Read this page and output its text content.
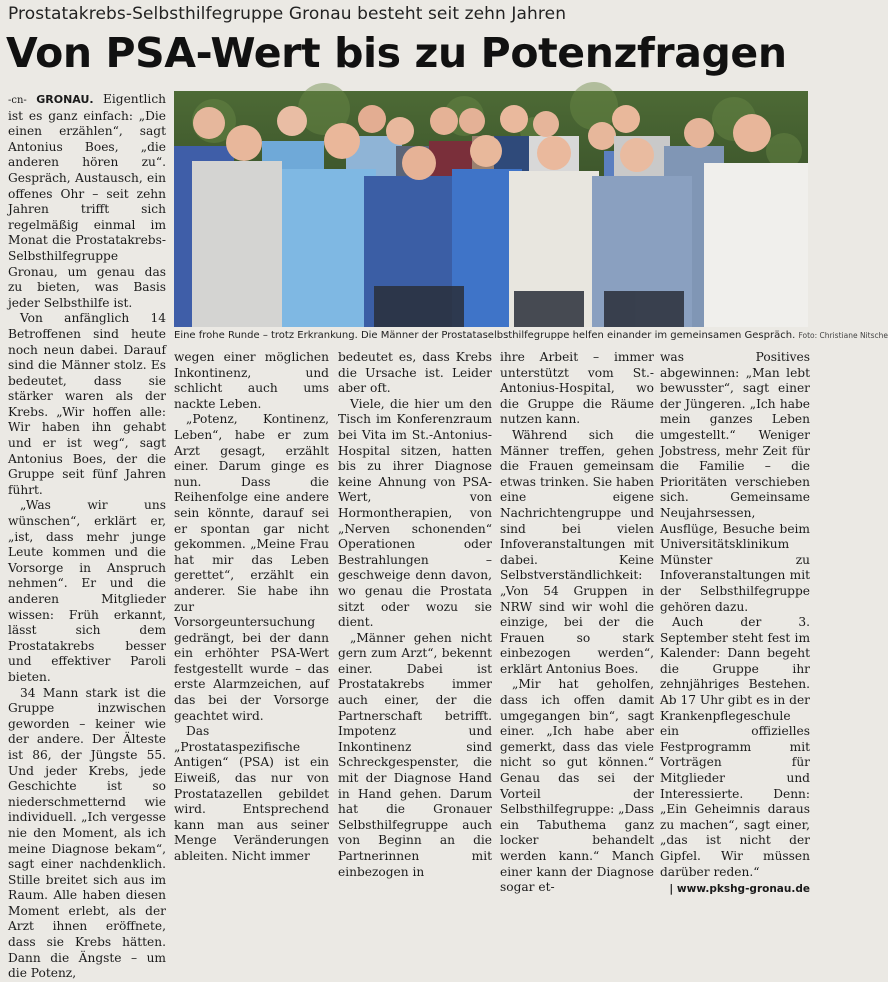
Prostatakrebs-Selbsthilfegruppe Gronau besteht seit zehn Jahren
Von PSA-Wert bis zu Potenzfragen
Eine frohe Runde – trotz Erkrankung. Die Männer der Prostataselbsthilfegruppe helfen einander im gemeinsamen Gespräch. Foto: Christiane Nitsche

-cn- GRONAU. Eigentlich ist es ganz einfach: „Die einen erzählen“, sagt Antonius Boes, „die anderen hören zu“. Gespräch, Austausch, ein offenes Ohr – seit zehn Jahren trifft sich regelmäßig einmal im Monat die Prostatakrebs-Selbsthilfegruppe Gronau, um genau das zu bieten, was Basis jeder Selbsthilfe ist.

Von anfänglich 14 Betroffenen sind heute noch neun dabei. Darauf sind die Männer stolz. Es bedeutet, dass sie stärker waren als der Krebs. „Wir hoffen alle: Wir haben ihn gehabt und er ist weg“, sagt Antonius Boes, der die Gruppe seit fünf Jahren führt.

„Was wir uns wünschen“, erklärt er, „ist, dass mehr junge Leute kommen und die Vorsorge in Anspruch nehmen“. Er und die anderen Mitglieder wissen: Früh erkannt, lässt sich dem Prostatakrebs besser und effektiver Paroli bieten.

34 Mann stark ist die Gruppe inzwischen geworden – keiner wie der andere. Der Älteste ist 86, der Jüngste 55. Und jeder Krebs, jede Geschichte ist so niederschmetternd wie individuell. „Ich vergesse nie den Moment, als ich meine Diagnose bekam“, sagt einer nachdenklich. Stille breitet sich aus im Raum. Alle haben diesen Moment erlebt, als der Arzt ihnen eröffnete, dass sie Krebs hätten. Dann die Ängste – um die Potenz,

wegen einer möglichen Inkontinenz, und schlicht auch ums nackte Leben.

„Potenz, Kontinenz, Leben“, habe er zum Arzt gesagt, erzählt einer. Darum ginge es nun. Dass die Reihenfolge eine andere sein könnte, darauf sei er spontan gar nicht gekommen. „Meine Frau hat mir das Leben gerettet“, erzählt ein anderer. Sie habe ihn zur Vorsorgeuntersuchung gedrängt, bei der dann ein erhöhter PSA-Wert festgestellt wurde – das erste Alarmzeichen, auf das bei der Vorsorge geachtet wird.

Das „Prostataspezifische Antigen“ (PSA) ist ein Eiweiß, das nur von Prostatazellen gebildet wird. Entsprechend kann man aus seiner Menge Veränderungen ableiten. Nicht immer

bedeutet es, dass Krebs die Ursache ist. Leider aber oft.

Viele, die hier um den Tisch im Konferenzraum bei Vita im St.-Antonius-Hospital sitzen, hatten bis zu ihrer Diagnose keine Ahnung von PSA-Wert, von Hormontherapien, von „Nerven schonenden“ Operationen oder Bestrahlungen – geschweige denn davon, wo genau die Prostata sitzt oder wozu sie dient.

„Männer gehen nicht gern zum Arzt“, bekennt einer. Dabei ist Prostatakrebs immer auch einer, der die Partnerschaft betrifft. Impotenz und Inkontinenz sind Schreckgespenster, die mit der Diagnose Hand in Hand gehen. Darum hat die Gronauer Selbsthilfegruppe auch von Beginn an die Partnerinnen mit einbezogen in

ihre Arbeit – immer unterstützt vom St.-Antonius-Hospital, wo die Gruppe die Räume nutzen kann.

Während sich die Männer treffen, gehen die Frauen gemeinsam etwas trinken. Sie haben eine eigene Nachrichtengruppe und sind bei vielen Infoveranstaltungen mit dabei. Keine Selbstverständlichkeit: „Von 54 Gruppen in NRW sind wir wohl die einzige, bei der die Frauen so stark einbezogen werden“, erklärt Antonius Boes.

„Mir hat geholfen, dass ich offen damit umgegangen bin“, sagt einer. „Ich habe aber gemerkt, dass das viele nicht so gut können.“ Genau das sei der Vorteil der Selbsthilfegruppe: „Dass ein Tabuthema ganz locker behandelt werden kann.“ Manch einer kann der Diagnose sogar et-

was Positives abgewinnen: „Man lebt bewusster“, sagt einer der Jüngeren. „Ich habe mein ganzes Leben umgestellt.“ Weniger Jobstress, mehr Zeit für die Familie – die Prioritäten verschieben sich. Gemeinsame Neujahrsessen, Ausflüge, Besuche beim Universitätsklinikum Münster zu Infoveranstaltungen mit der Selbsthilfegruppe gehören dazu.

Auch der 3. September steht fest im Kalender: Dann begeht die Gruppe ihr zehnjähriges Bestehen. Ab 17 Uhr gibt es in der Krankenpflegeschule ein offizielles Festprogramm mit Vorträgen für Mitglieder und Interessierte. Denn: „Ein Geheimnis daraus zu machen“, sagt einer, „das ist nicht der Gipfel. Wir müssen darüber reden.“

| www.pkshg-gronau.de
